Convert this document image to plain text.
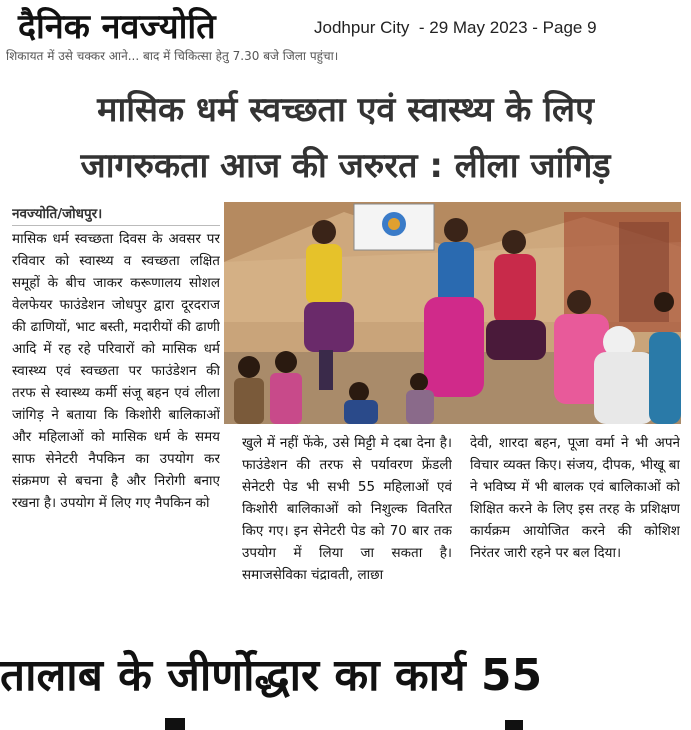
दैनिक नवज्योति	Jodhpur City  - 29 May 2023 - Page 9
शिकायत में उसे चक्कर आने... बाद में चिकित्सा हेतु 7.30 बजे जिला पहुंचा।
मासिक धर्म स्वच्छता एवं स्वास्थ्य के लिए
जागरुकता आज की जरुरत : लीला जांगिड़
नवज्योति/जोधपुर।
मासिक धर्म स्वच्छता दिवस के अवसर पर रविवार को स्वास्थ्य व स्वच्छता लक्षित समूहों के बीच जाकर करूणालय सोशल वेलफेयर फाउंडेशन जोधपुर द्वारा दूरदराज की ढाणियों, भाट बस्ती, मदारीयों की ढाणी आदि में रह रहे परिवारों को मासिक धर्म स्वास्थ्य एवं स्वच्छता पर फाउंडेशन की तरफ से स्वास्थ्य कर्मी संजू बहन एवं लीला जांगिड़ ने बताया कि किशोरी बालिकाओं और महिलाओं को मासिक धर्म के समय साफ सेनेटरी नैपकिन का उपयोग कर संक्रमण से बचना है और निरोगी बनाए रखना है। उपयोग में लिए गए नैपकिन को
खुले में नहीं फेंके, उसे मिट्टी मे दबा देना है। फाउंडेशन की तरफ से पर्यावरण फ्रेंडली सेनेटरी पेड भी सभी 55 महिलाओं एवं किशोरी बालिकाओं को निशुल्क वितरित किए गए। इन सेनेटरी पेड को 70 बार तक उपयोग में लिया जा सकता है। समाजसेविका चंद्रावती, लाछा
देवी, शारदा बहन, पूजा वर्मा ने भी अपने विचार व्यक्त किए। संजय, दीपक, भीखू बा ने भविष्य में भी बालक एवं बालिकाओं को शिक्षित करने के लिए इस तरह के प्रशिक्षण कार्यक्रम आयोजित करने की कोशिश निरंतर जारी रहने पर बल दिया।
तालाब के जीर्णोद्धार का कार्य 55
